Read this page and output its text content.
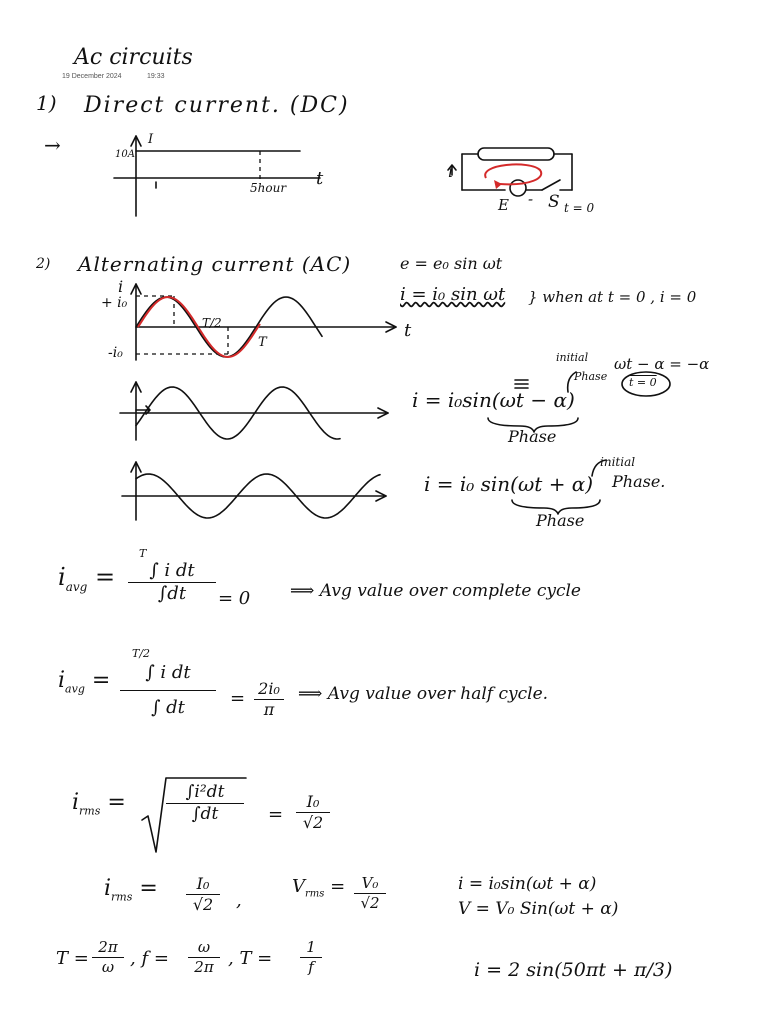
Ac circuits
19 December 2024	19:33
1) Direct current. (DC)
→	I
10A
t
5hour
i
E - S t = 0
2) Alternating current (AC)	e = e₀ sin ωt
i = i₀ sin ωt } when at t = 0 , i = 0
i
+ i₀
-i₀
T/2
T
t
i = i₀sin(ωt − α)
initial
Phase
ωt − α = −α
t = 0
Phase
i = i₀ sin(ωt + α)
initial
Phase.
Phase
$i_{avg}$ =
T
∫ i dt
∫dt	= 0 ⟹ Avg value over complete cycle
$i_{avg}$ =
T/2
∫ i dt
∫ dt	= 2i₀
π
⟹ Avg value over half cycle.
$i_{rms}$ =	∫i²dt
∫dt
I₀
√2
=
$i_{rms}$ =	I₀
√2	,
$V_{rms}$ =	V₀
√2
i = i₀sin(ωt + α)
V = V₀ Sin(ωt + α)
T =
2π
ω , f =
ω
2π , T =
1
f	i = 2 sin(50πt + π/3)
